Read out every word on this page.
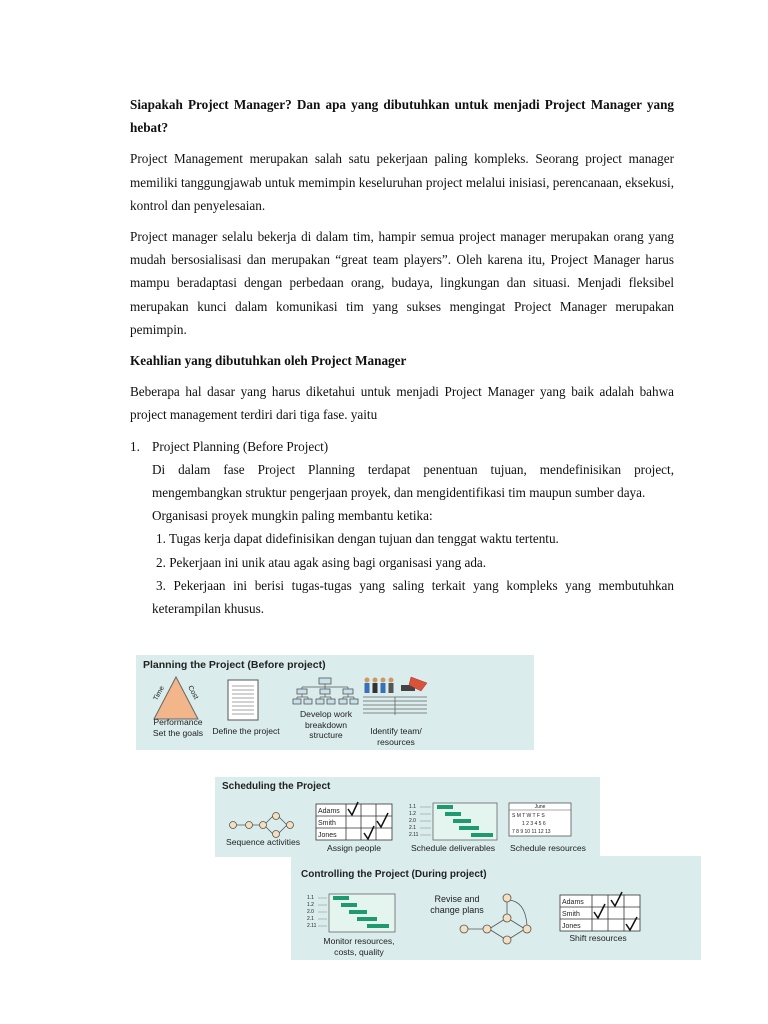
Siapakah Project Manager? Dan apa yang dibutuhkan untuk menjadi Project Manager yang hebat?

Project Management merupakan salah satu pekerjaan paling kompleks. Seorang project manager memiliki tanggungjawab untuk memimpin keseluruhan project melalui inisiasi, perencanaan, eksekusi, kontrol dan penyelesaian.

Project manager selalu bekerja di dalam tim, hampir semua project manager merupakan orang yang mudah bersosialisasi dan merupakan “great team players”. Oleh karena itu, Project Manager harus mampu beradaptasi dengan perbedaan orang, budaya, lingkungan dan situasi. Menjadi fleksibel merupakan kunci dalam komunikasi tim yang sukses mengingat Project Manager merupakan pemimpin.

Keahlian yang dibutuhkan oleh Project Manager

Beberapa hal dasar yang harus diketahui untuk menjadi Project Manager yang baik adalah bahwa project management terdiri dari tiga fase. yaitu

1. Project Planning (Before Project)

Di dalam fase Project Planning terdapat penentuan tujuan, mendefinisikan project, mengembangkan struktur pengerjaan proyek, dan mengidentifikasi tim maupun sumber daya.

Organisasi proyek mungkin paling membantu ketika:

1. Tugas kerja dapat didefinisikan dengan tujuan dan tenggat waktu tertentu.

2. Pekerjaan ini unik atau agak asing bagi organisasi yang ada.

3. Pekerjaan ini berisi tugas-tugas yang saling terkait yang kompleks yang membutuhkan keterampilan khusus.

Planning the Project (Before project)
Time	Cost
Performance
Set the goals	Define the project
Develop work
breakdown
structure	Identify team/
resources
Scheduling the Project
Sequence activities
Adams
Smith
Jones
Assign people
1.1
1.2
2.0
2.1
2.11
Schedule deliverables
June
S M T W T F S
1 2 3 4 5 6
7 8 9 10 11 12 13
Schedule resources
Controlling the Project (During project)
1.1
1.2
2.0
2.1
2.11
Monitor resources,
costs, quality
Revise and
change plans
Adams
Smith
Jones
Shift resources
